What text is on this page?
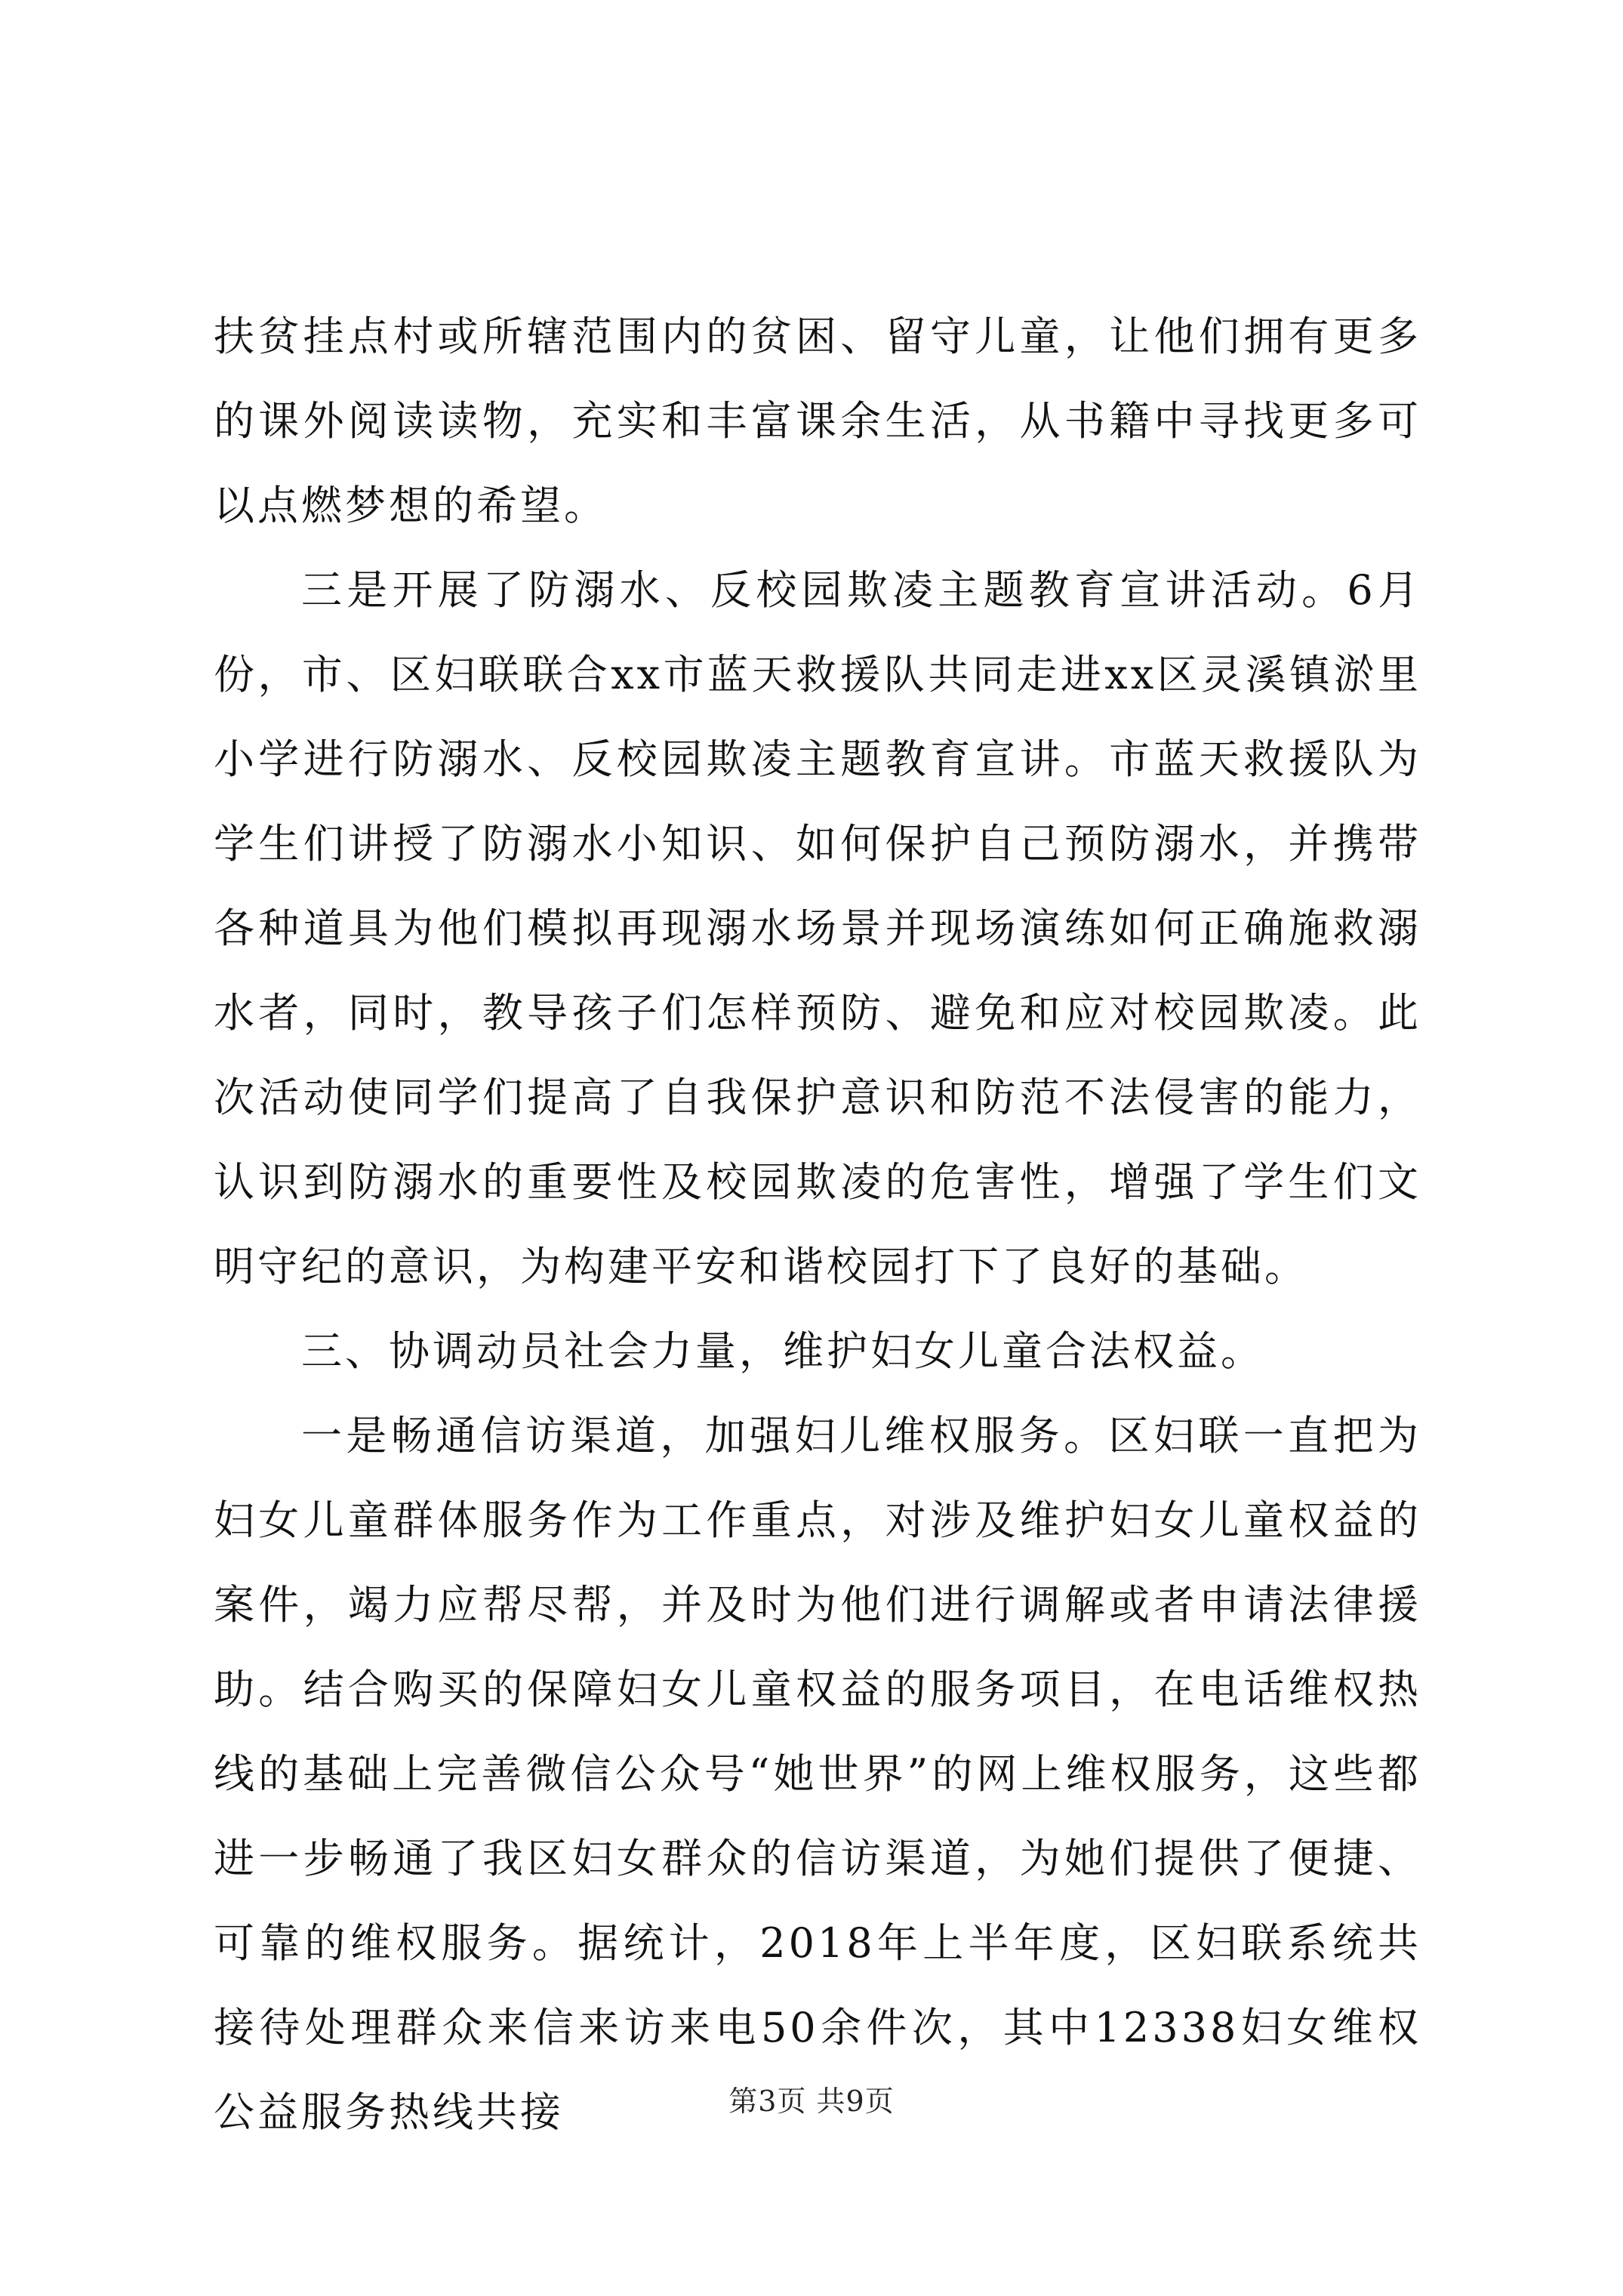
扶贫挂点村或所辖范围内的贫困、留守儿童，让他们拥有更多的课外阅读读物，充实和丰富课余生活，从书籍中寻找更多可以点燃梦想的希望。

三是开展了防溺水、反校园欺凌主题教育宣讲活动。6月份，市、区妇联联合xx市蓝天救援队共同走进xx区灵溪镇淤里小学进行防溺水、反校园欺凌主题教育宣讲。市蓝天救援队为学生们讲授了防溺水小知识、如何保护自己预防溺水，并携带各种道具为他们模拟再现溺水场景并现场演练如何正确施救溺水者，同时，教导孩子们怎样预防、避免和应对校园欺凌。此次活动使同学们提高了自我保护意识和防范不法侵害的能力，认识到防溺水的重要性及校园欺凌的危害性，增强了学生们文明守纪的意识，为构建平安和谐校园打下了良好的基础。

三、协调动员社会力量，维护妇女儿童合法权益。

一是畅通信访渠道，加强妇儿维权服务。区妇联一直把为妇女儿童群体服务作为工作重点，对涉及维护妇女儿童权益的案件，竭力应帮尽帮，并及时为他们进行调解或者申请法律援助。结合购买的保障妇女儿童权益的服务项目，在电话维权热线的基础上完善微信公众号“她世界”的网上维权服务，这些都进一步畅通了我区妇女群众的信访渠道，为她们提供了便捷、可靠的维权服务。据统计，2018年上半年度，区妇联系统共接待处理群众来信来访来电50余件次，其中12338妇女维权公益服务热线共接	第3页 共9页
